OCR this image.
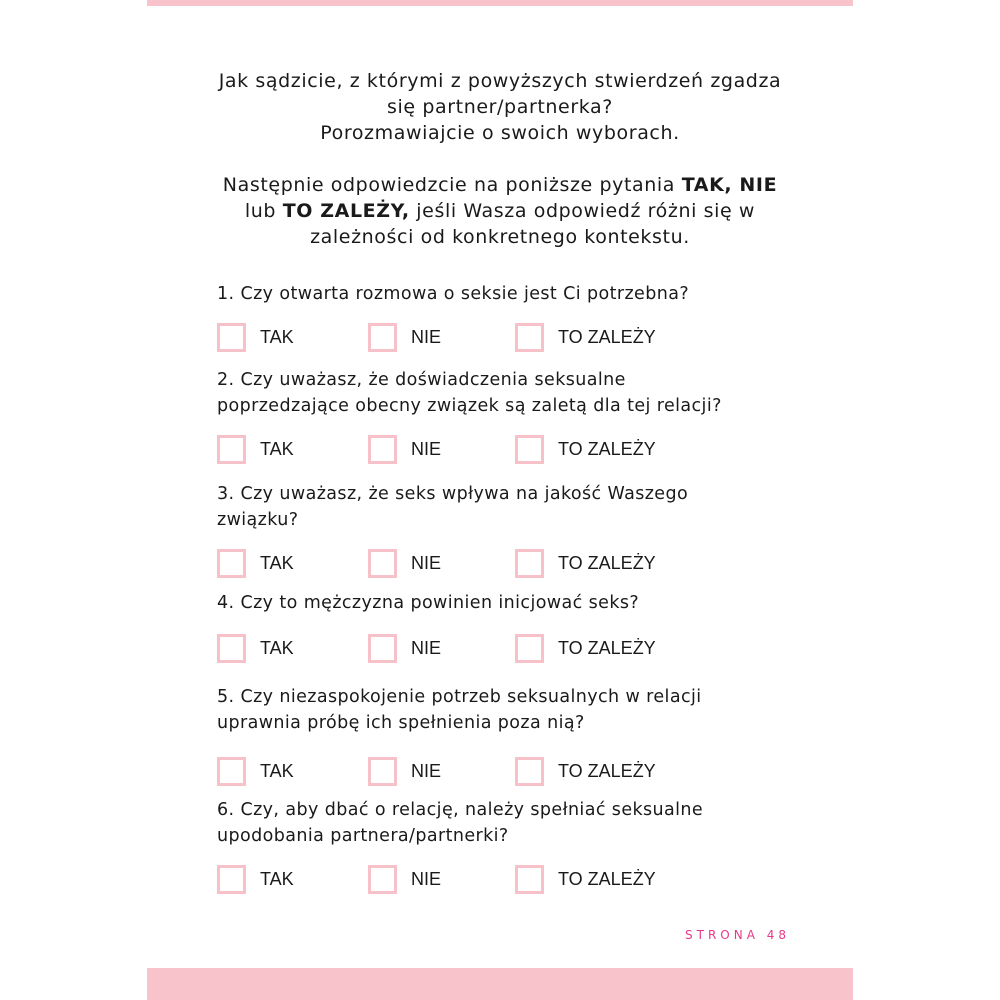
Jak sądzicie, z którymi z powyższych stwierdzeń zgadza

się partner/partnerka?

Porozmawiajcie o swoich wyborach.

Następnie odpowiedzcie na poniższe pytania TAK, NIE

lub TO ZALEŻY, jeśli Wasza odpowiedź różni się w

zależności od konkretnego kontekstu.

1. Czy otwarta rozmowa o seksie jest Ci potrzebna?
TAK	NIE	TO ZALEŻY
2. Czy uważasz, że doświadczenia seksualne
poprzedzające obecny związek są zaletą dla tej relacji?
TAK	NIE	TO ZALEŻY
3. Czy uważasz, że seks wpływa na jakość Waszego
związku?
TAK	NIE	TO ZALEŻY
4. Czy to mężczyzna powinien inicjować seks?
TAK	NIE	TO ZALEŻY
5. Czy niezaspokojenie potrzeb seksualnych w relacji
uprawnia próbę ich spełnienia poza nią?
TAK	NIE	TO ZALEŻY
6. Czy, aby dbać o relację, należy spełniać seksualne
upodobania partnera/partnerki?
TAK	NIE	TO ZALEŻY
STRONA 48
